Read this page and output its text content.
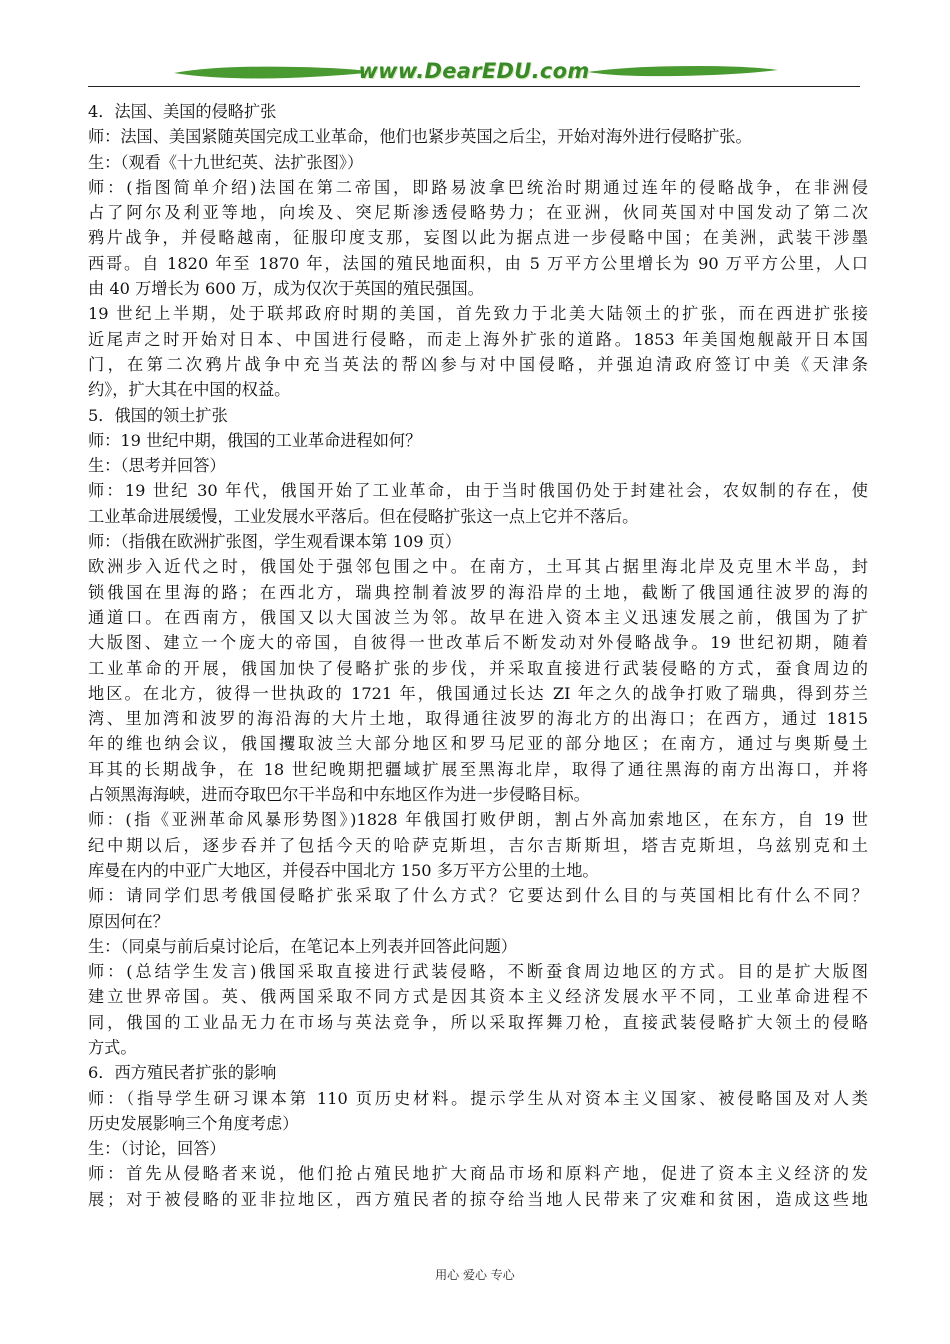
www.DearEDU.com

4．法国、美国的侵略扩张

师：法国、美国紧随英国完成工业革命，他们也紧步英国之后尘，开始对海外进行侵略扩张。

生：（观看《十九世纪英、法扩张图》）

师：(指图简单介绍)法国在第二帝国，即路易波拿巴统治时期通过连年的侵略战争，在非洲侵

占了阿尔及利亚等地，向埃及、突尼斯渗透侵略势力；在亚洲，伙同英国对中国发动了第二次

鸦片战争，并侵略越南，征服印度支那，妄图以此为据点进一步侵略中国；在美洲，武装干涉墨

西哥。自 1820 年至 1870 年，法国的殖民地面积，由 5 万平方公里增长为 90 万平方公里，人口

由 40 万增长为 600 万，成为仅次于英国的殖民强国。

19 世纪上半期，处于联邦政府时期的美国，首先致力于北美大陆领土的扩张，而在西进扩张接

近尾声之时开始对日本、中国进行侵略，而走上海外扩张的道路。1853 年美国炮舰敲开日本国

门，在第二次鸦片战争中充当英法的帮凶参与对中国侵略，并强迫清政府签订中美《天津条

约》，扩大其在中国的权益。

5．俄国的领土扩张

师：19 世纪中期，俄国的工业革命进程如何？

生：（思考并回答）

师：19 世纪 30 年代，俄国开始了工业革命，由于当时俄国仍处于封建社会，农奴制的存在，使

工业革命进展缓慢，工业发展水平落后。但在侵略扩张这一点上它并不落后。

师：（指俄在欧洲扩张图，学生观看课本第 109 页）

欧洲步入近代之时，俄国处于强邻包围之中。在南方，土耳其占据里海北岸及克里木半岛，封

锁俄国在里海的路；在西北方，瑞典控制着波罗的海沿岸的土地，截断了俄国通往波罗的海的

通道口。在西南方，俄国又以大国波兰为邻。故早在进入资本主义迅速发展之前，俄国为了扩

大版图、建立一个庞大的帝国，自彼得一世改革后不断发动对外侵略战争。19 世纪初期，随着

工业革命的开展，俄国加快了侵略扩张的步伐，并采取直接进行武装侵略的方式，蚕食周边的

地区。在北方，彼得一世执政的 1721 年，俄国通过长达 ZI 年之久的战争打败了瑞典，得到芬兰

湾、里加湾和波罗的海沿海的大片土地，取得通往波罗的海北方的出海口；在西方，通过 1815

年的维也纳会议，俄国攫取波兰大部分地区和罗马尼亚的部分地区；在南方，通过与奥斯曼土

耳其的长期战争，在 18 世纪晚期把疆域扩展至黑海北岸，取得了通往黑海的南方出海口，并将

占领黑海海峡，进而夺取巴尔干半岛和中东地区作为进一步侵略目标。

师：(指《亚洲革命风暴形势图》)1828 年俄国打败伊朗，割占外高加索地区，在东方，自 19 世

纪中期以后，逐步吞并了包括今天的哈萨克斯坦，吉尔吉斯斯坦，塔吉克斯坦，乌兹别克和土

库曼在内的中亚广大地区，并侵吞中国北方 150 多万平方公里的土地。

师：请同学们思考俄国侵略扩张采取了什么方式？它要达到什么目的与英国相比有什么不同？

原因何在？

生：（同桌与前后桌讨论后，在笔记本上列表并回答此问题）

师：(总结学生发言)俄国采取直接进行武装侵略，不断蚕食周边地区的方式。目的是扩大版图

建立世界帝国。英、俄两国采取不同方式是因其资本主义经济发展水平不同，工业革命进程不

同，俄国的工业品无力在市场与英法竞争，所以采取挥舞刀枪，直接武装侵略扩大领土的侵略

方式。

6．西方殖民者扩张的影响

师：（指导学生研习课本第 110 页历史材料。提示学生从对资本主义国家、被侵略国及对人类

历史发展影响三个角度考虑）

生：（讨论，回答）

师：首先从侵略者来说，他们抢占殖民地扩大商品市场和原料产地，促进了资本主义经济的发

展；对于被侵略的亚非拉地区，西方殖民者的掠夺给当地人民带来了灾难和贫困，造成这些地

用心 爱心 专心
